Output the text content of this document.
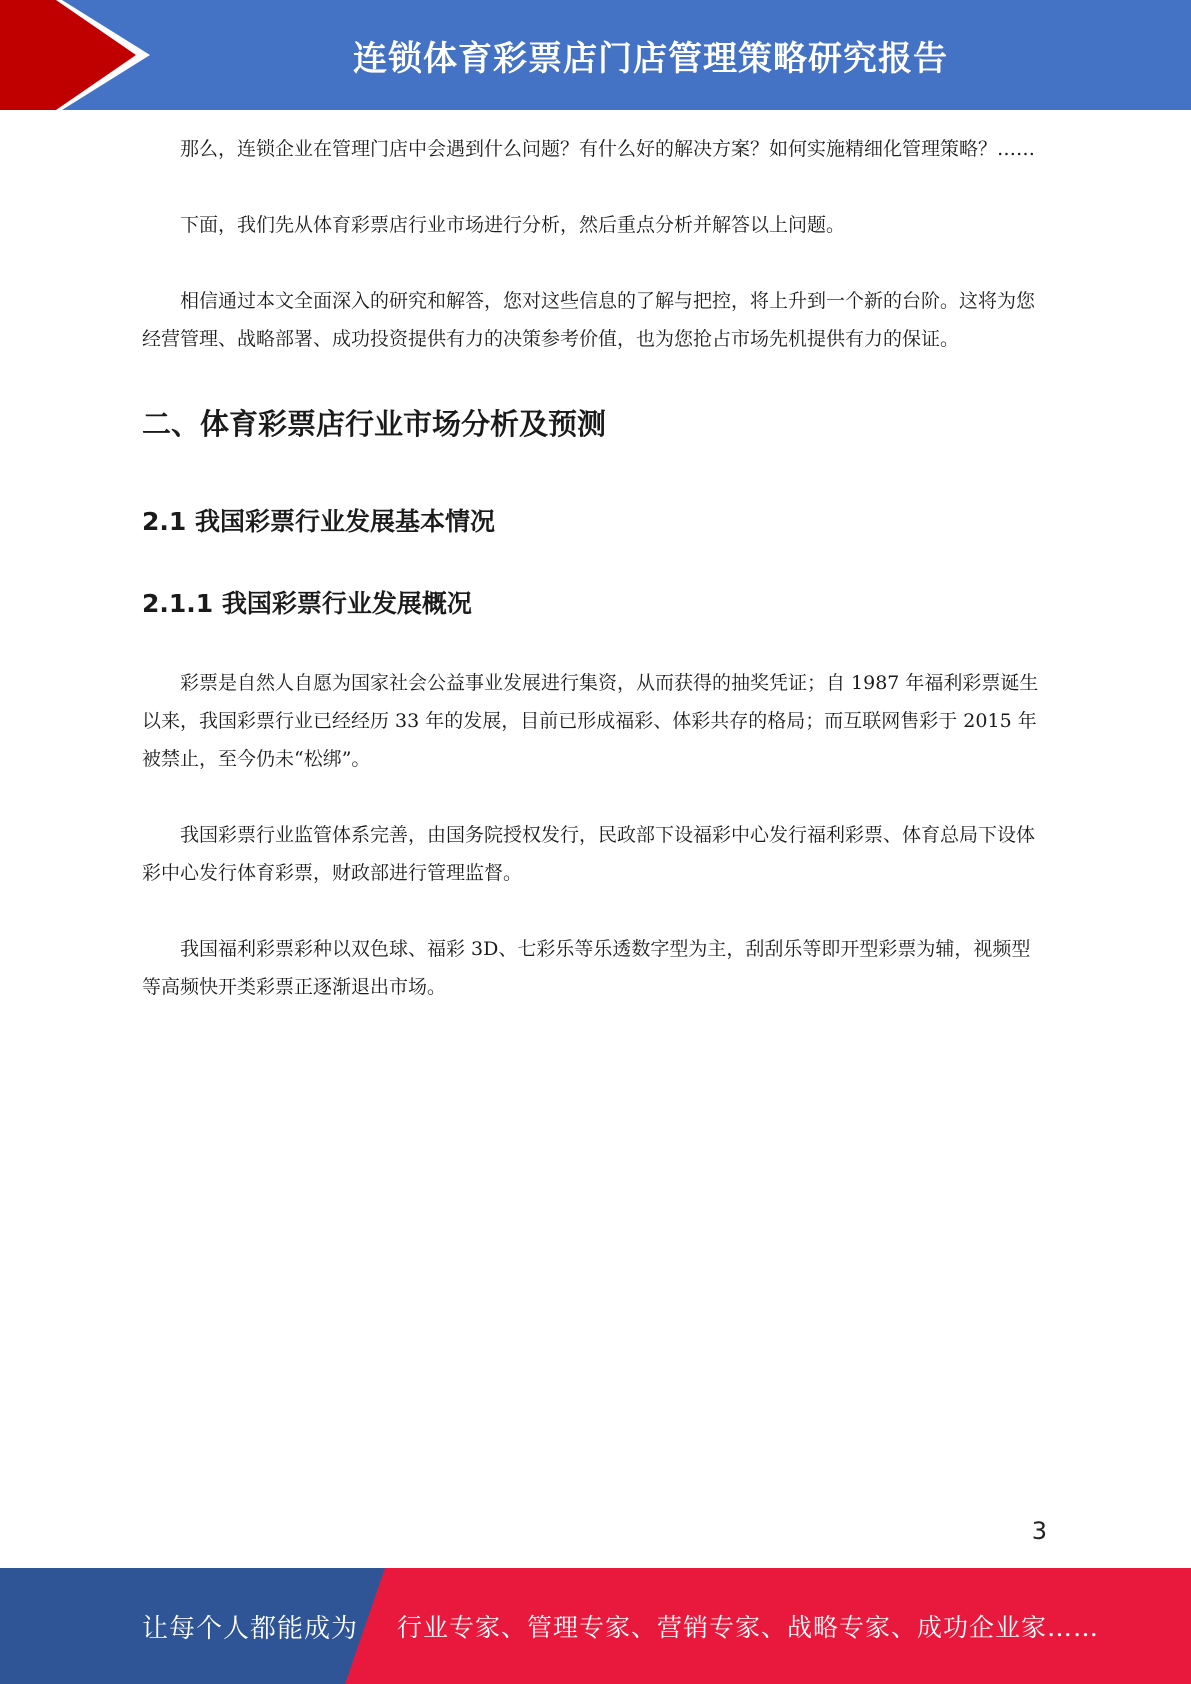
连锁体育彩票店门店管理策略研究报告

那么，连锁企业在管理门店中会遇到什么问题？有什么好的解决方案？如何实施精细化管理策略？……

下面，我们先从体育彩票店行业市场进行分析，然后重点分析并解答以上问题。

相信通过本文全面深入的研究和解答，您对这些信息的了解与把控，将上升到一个新的台阶。这将为您经营管理、战略部署、成功投资提供有力的决策参考价值，也为您抢占市场先机提供有力的保证。

二、体育彩票店行业市场分析及预测
2.1 我国彩票行业发展基本情况
2.1.1 我国彩票行业发展概况

彩票是自然人自愿为国家社会公益事业发展进行集资，从而获得的抽奖凭证；自 1987 年福利彩票诞生以来，我国彩票行业已经经历 33 年的发展，目前已形成福彩、体彩共存的格局；而互联网售彩于 2015 年被禁止，至今仍未“松绑”。

我国彩票行业监管体系完善，由国务院授权发行，民政部下设福彩中心发行福利彩票、体育总局下设体彩中心发行体育彩票，财政部进行管理监督。

我国福利彩票彩种以双色球、福彩 3D、七彩乐等乐透数字型为主，刮刮乐等即开型彩票为辅，视频型等高频快开类彩票正逐渐退出市场。

3
让每个人都能成为 行业专家、管理专家、营销专家、战略专家、成功企业家……
